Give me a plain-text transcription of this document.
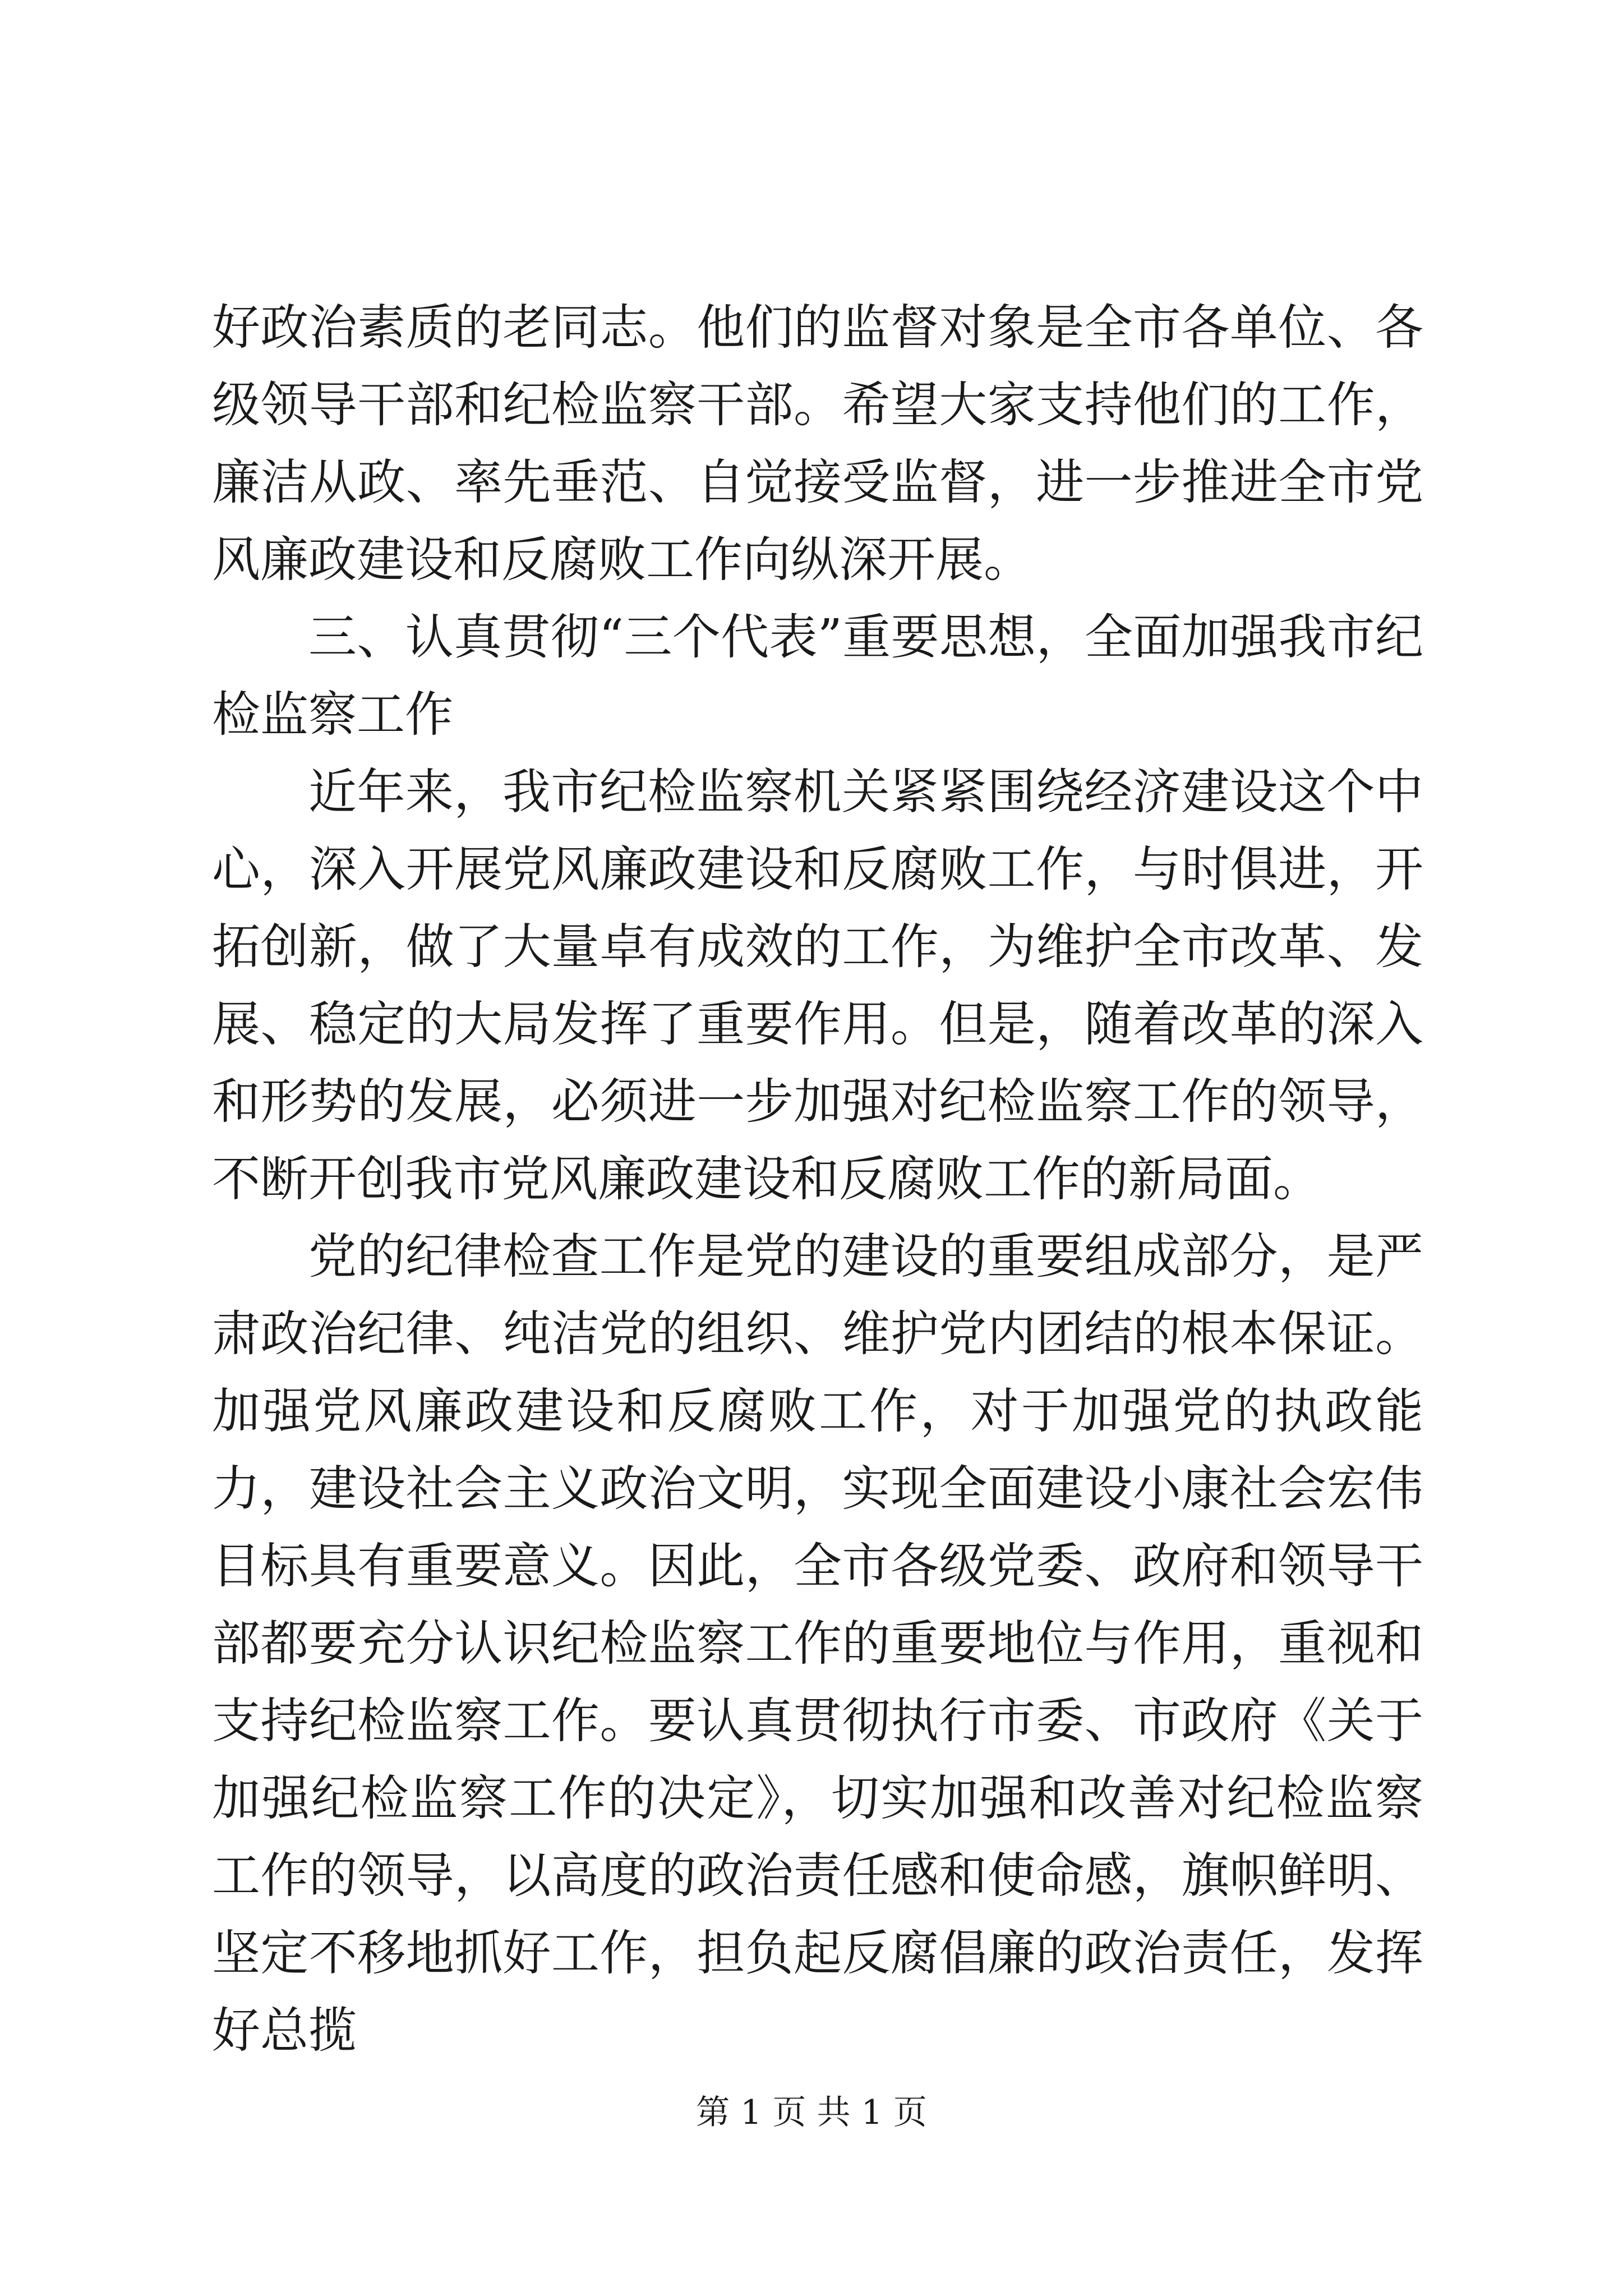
好政治素质的老同志。他们的监督对象是全市各单位、各级领导干部和纪检监察干部。希望大家支持他们的工作，廉洁从政、率先垂范、自觉接受监督，进一步推进全市党风廉政建设和反腐败工作向纵深开展。

三、认真贯彻“三个代表”重要思想，全面加强我市纪检监察工作

近年来，我市纪检监察机关紧紧围绕经济建设这个中心，深入开展党风廉政建设和反腐败工作，与时俱进，开拓创新，做了大量卓有成效的工作，为维护全市改革、发展、稳定的大局发挥了重要作用。但是，随着改革的深入和形势的发展，必须进一步加强对纪检监察工作的领导，不断开创我市党风廉政建设和反腐败工作的新局面。

党的纪律检查工作是党的建设的重要组成部分，是严肃政治纪律、纯洁党的组织、维护党内团结的根本保证。加强党风廉政建设和反腐败工作，对于加强党的执政能力，建设社会主义政治文明，实现全面建设小康社会宏伟目标具有重要意义。因此，全市各级党委、政府和领导干部都要充分认识纪检监察工作的重要地位与作用，重视和支持纪检监察工作。要认真贯彻执行市委、市政府《关于加强纪检监察工作的决定》，切实加强和改善对纪检监察工作的领导，以高度的政治责任感和使命感，旗帜鲜明、坚定不移地抓好工作，担负起反腐倡廉的政治责任，发挥好总揽

第 1 页 共 1 页
